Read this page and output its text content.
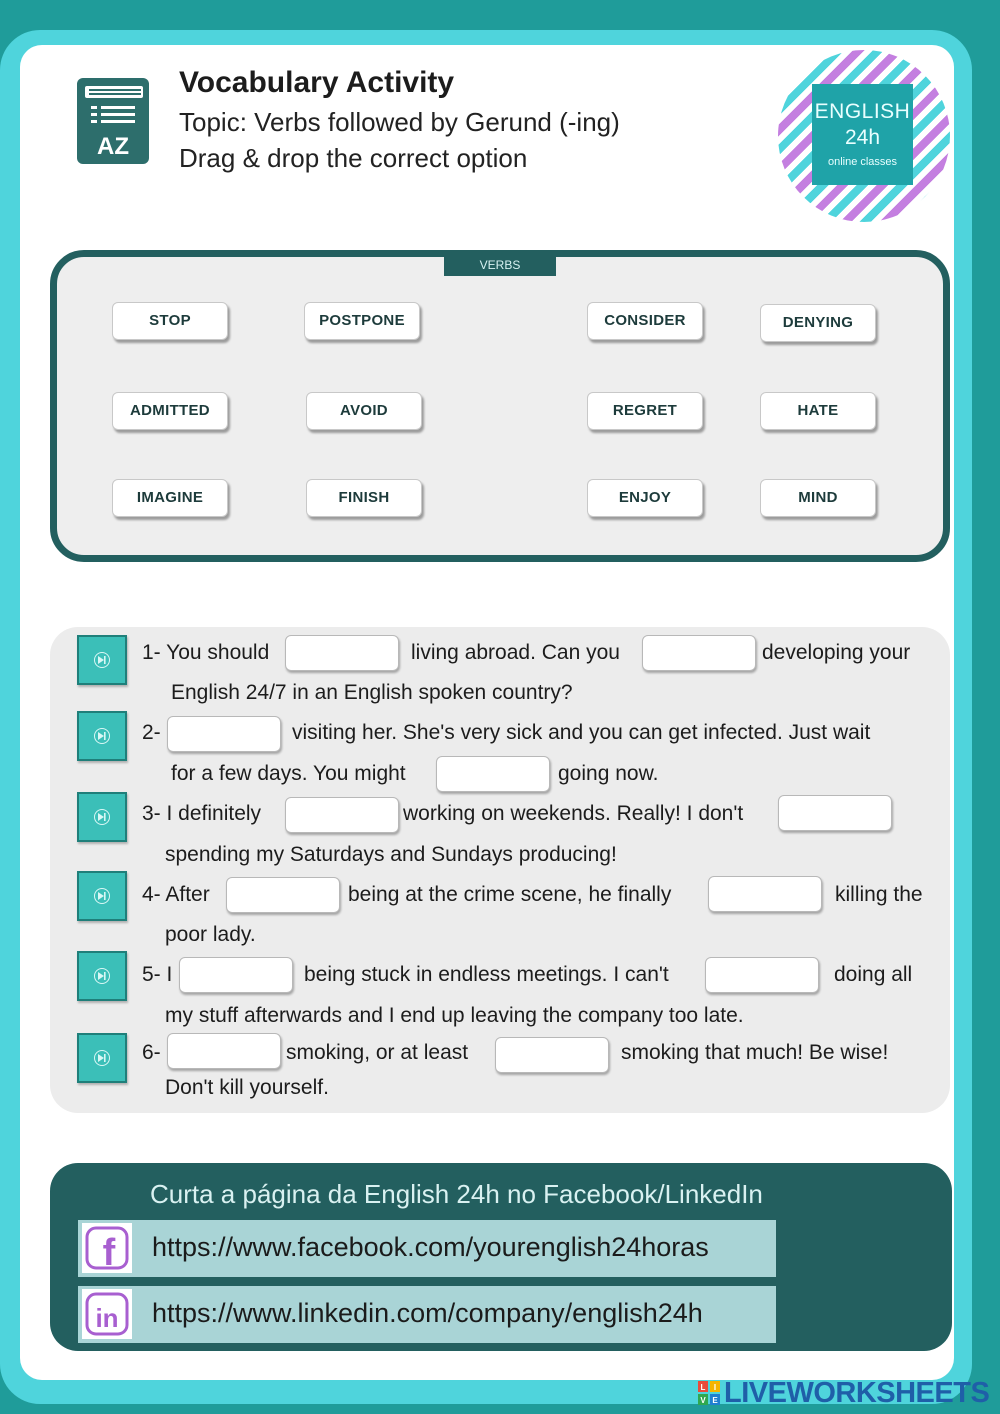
AZ
Vocabulary Activity
Topic: Verbs followed by Gerund (-ing)
Drag & drop the correct option
ENGLISH
24h
online classes
VERBS
STOP	POSTPONE	CONSIDER	DENYING
ADMITTED	AVOID	REGRET	HATE
IMAGINE	FINISH	ENJOY	MIND
1- You should	living abroad. Can you	developing your
English 24/7 in an English spoken country?
2-	visiting her. She's very sick and you can get infected. Just wait
for a few days. You might	going now.
3- I definitely	working on weekends. Really! I don't
spending my Saturdays and Sundays producing!
4- After	being at the crime scene, he finally	killing the
poor lady.
5- I	being stuck in endless meetings. I can't	doing all
my stuff afterwards and I end up leaving the company too late.
6-	smoking, or at least	smoking that much! Be wise!
Don't kill yourself.
Curta a página da English 24h no Facebook/LinkedIn
f https://www.facebook.com/yourenglish24horas
in https://www.linkedin.com/company/english24h
L I
V E LIVEWORKSHEETS
